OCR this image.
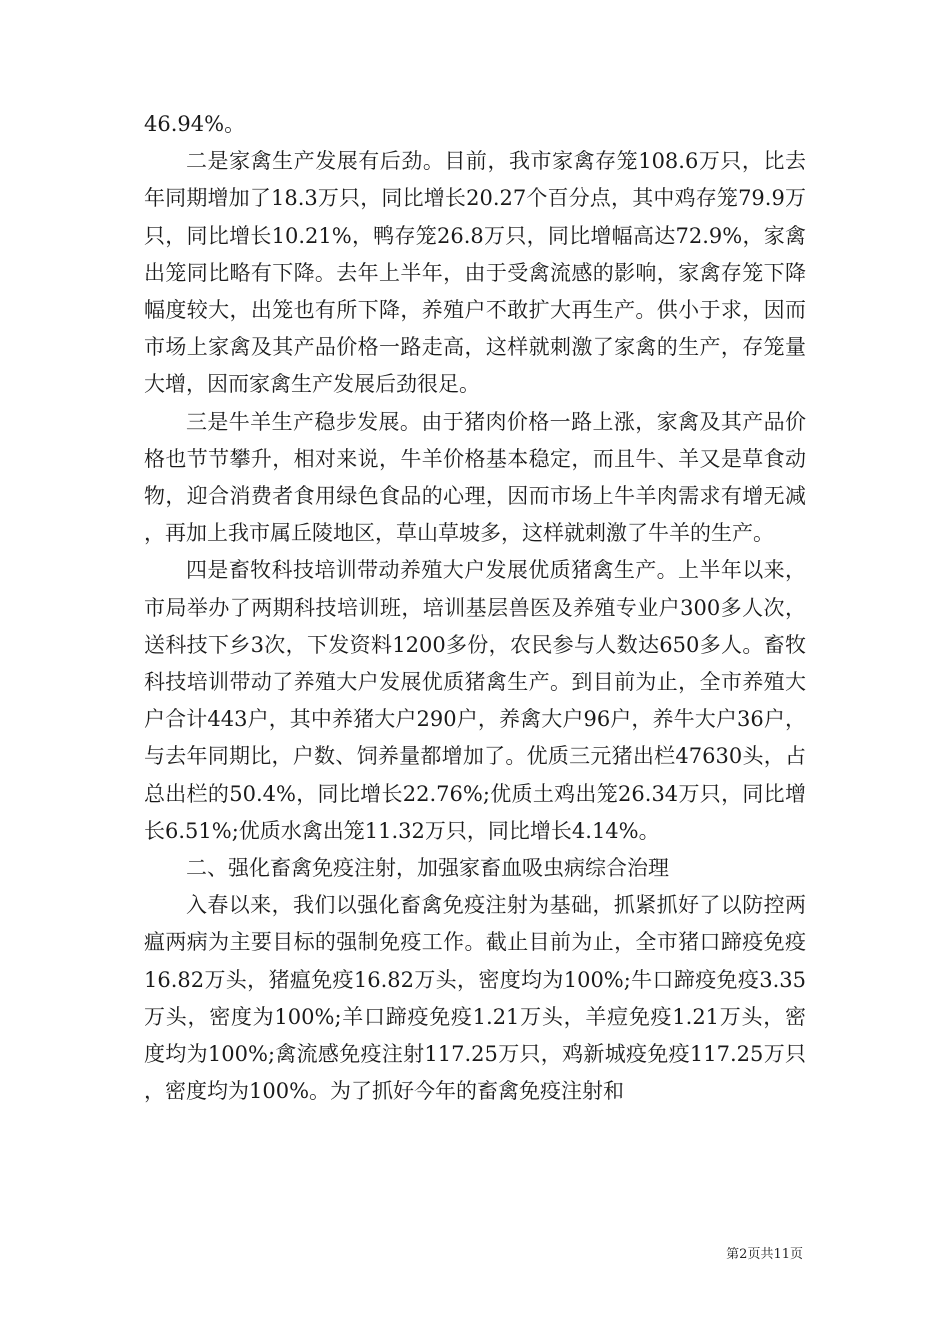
46.94%。

二是家禽生产发展有后劲。目前，我市家禽存笼108.6万只，比去年同期增加了18.3万只，同比增长20.27个百分点，其中鸡存笼79.9万只，同比增长10.21%，鸭存笼26.8万只，同比增幅高达72.9%，家禽出笼同比略有下降。去年上半年，由于受禽流感的影响，家禽存笼下降幅度较大，出笼也有所下降，养殖户不敢扩大再生产。供小于求，因而市场上家禽及其产品价格一路走高，这样就刺激了家禽的生产，存笼量大增，因而家禽生产发展后劲很足。

三是牛羊生产稳步发展。由于猪肉价格一路上涨，家禽及其产品价格也节节攀升，相对来说，牛羊价格基本稳定，而且牛、羊又是草食动物，迎合消费者食用绿色食品的心理，因而市场上牛羊肉需求有增无减，再加上我市属丘陵地区，草山草坡多，这样就刺激了牛羊的生产。

四是畜牧科技培训带动养殖大户发展优质猪禽生产。上半年以来，市局举办了两期科技培训班，培训基层兽医及养殖专业户300多人次，送科技下乡3次，下发资料1200多份，农民参与人数达650多人。畜牧科技培训带动了养殖大户发展优质猪禽生产。到目前为止，全市养殖大户合计443户，其中养猪大户290户，养禽大户96户，养牛大户36户，与去年同期比，户数、饲养量都增加了。优质三元猪出栏47630头，占总出栏的50.4%，同比增长22.76%;优质土鸡出笼26.34万只，同比增长6.51%;优质水禽出笼11.32万只，同比增长4.14%。

二、强化畜禽免疫注射，加强家畜血吸虫病综合治理

入春以来，我们以强化畜禽免疫注射为基础，抓紧抓好了以防控两瘟两病为主要目标的强制免疫工作。截止目前为止，全市猪口蹄疫免疫16.82万头，猪瘟免疫16.82万头，密度均为100%;牛口蹄疫免疫3.35万头，密度为100%;羊口蹄疫免疫1.21万头，羊痘免疫1.21万头，密度均为100%;禽流感免疫注射117.25万只，鸡新城疫免疫117.25万只，密度均为100%。为了抓好今年的畜禽免疫注射和

第2页共11页
